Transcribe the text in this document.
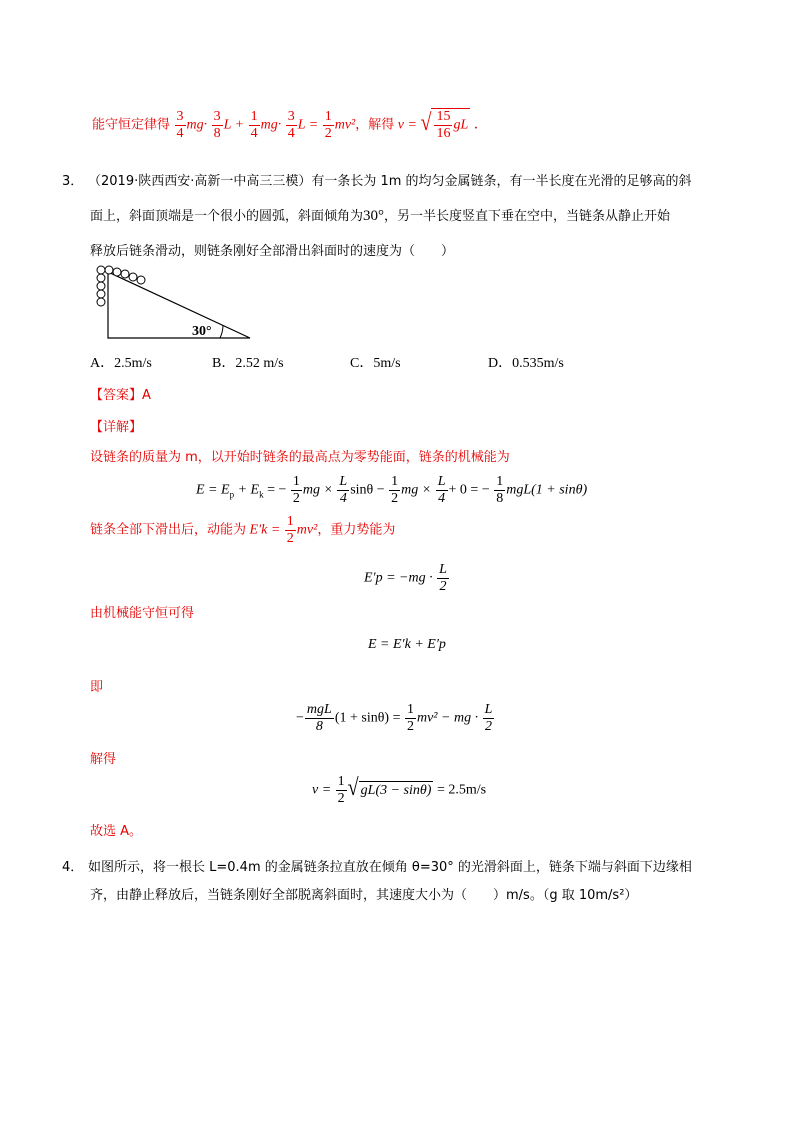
能守恒定律得 $\frac{3}{4} mg\cdot \frac{3}{8}$ $L + \frac{1}{4} mg\cdot \frac{3}{4}$ $L = \frac{1}{2} mv^2$，解得 v = √ $\frac{15}{16}$ gL ．
3． （2019·陕西西安·高新一中高三三模）有一条长为 1m 的均匀金属链条，有一半长度在光滑的足够高的斜
面上，斜面顶端是一个很小的圆弧，斜面倾角为30°，另一半长度竖直下垂在空中，当链条从静止开始
释放后链条滑动，则链条刚好全部滑出斜面时的速度为（　　）
30°
A．2.5m/s	B．2.52 m/s	C．5m/s	D．0.535m/s
【答案】A
【详解】
设链条的质量为 m，以开始时链条的最高点为零势能面，链条的机械能为
$E = E_p + E_k$ = − $\frac{1}{2}$ mg × $\frac{L}{4}$ $\sin\theta - \frac{1}{2}$ mg × $\frac{L}{4} + 0$ = − $\frac{1}{8} mgL(1 + \sin\theta)$
链条全部下滑出后，动能为 $E'k = \frac{1}{2} mv^2$，重力势能为
$E'p = -mg \cdot \frac{L}{2}$
由机械能守恒可得
E = E′k + E′p
即
− $\frac{\text{mgL}}{8} (1 + \sin\theta) = \frac{1}{2} mv^2$ − mg · $\frac{L}{2}$
解得
$v = \frac{1}{2}$ √ gL(3 − sinθ) = 2.5m/s
故选 A。
4． 如图所示，将一根长 L=0.4m 的金属链条拉直放在倾角 θ=30° 的光滑斜面上，链条下端与斜面下边缘相
齐，由静止释放后，当链条刚好全部脱离斜面时，其速度大小为（　　）m/s。（g 取 10m/s²）
